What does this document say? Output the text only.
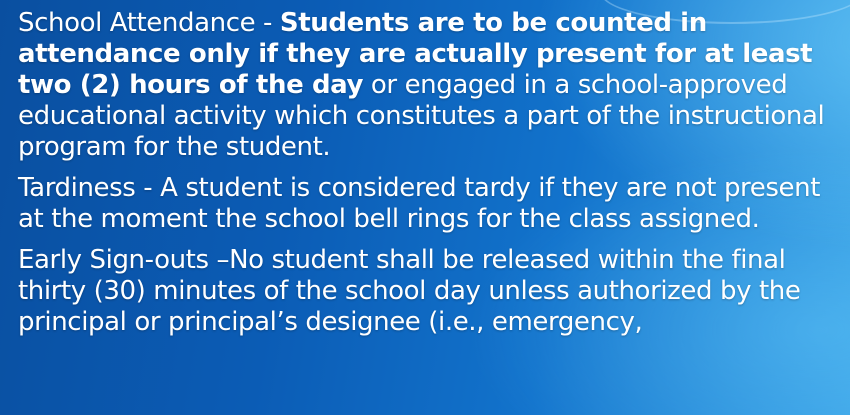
School Attendance - Students are to be counted in attendance only if they are actually present for at least two (2) hours of the day or engaged in a school-approved educational activity which constitutes a part of the instructional program for the student.

Tardiness - A student is considered tardy if they are not present at the moment the school bell rings for the class assigned.

Early Sign-outs –No student shall be released within the final thirty (30) minutes of the school day unless authorized by the principal or principal’s designee (i.e., emergency,
